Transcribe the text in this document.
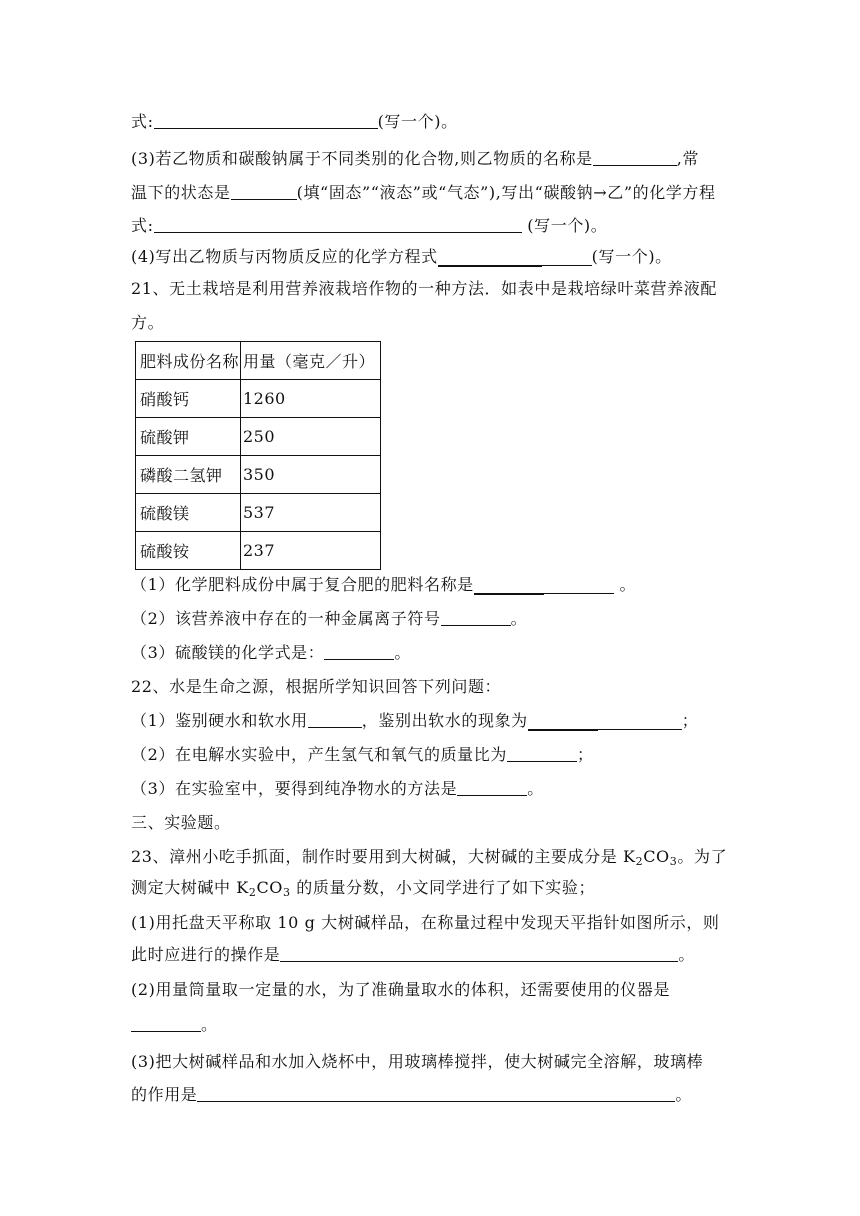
式:	(写一个)。
(3)若乙物质和碳酸钠属于不同类别的化合物,则乙物质的名称是	,常
温下的状态是	(填“固态”“液态”或“气态”),写出“碳酸钠→乙”的化学方程
式:	(写一个)。
(4)写出乙物质与丙物质反应的化学方程式	(写一个)。
21、无土栽培是利用营养液栽培作物的一种方法．如表中是栽培绿叶菜营养液配
方。
肥料成份名称	用量（毫克／升）
硝酸钙	1260
硫酸钾	250
磷酸二氢钾	350
硫酸镁	537
硫酸铵	237
（1）化学肥料成份中属于复合肥的肥料名称是	。
（2）该营养液中存在的一种金属离子符号	。
（3）硫酸镁的化学式是：	。
22、水是生命之源，根据所学知识回答下列问题：
（1）鉴别硬水和软水用	，鉴别出软水的现象为	；
（2）在电解水实验中，产生氢气和氧气的质量比为	；
（3）在实验室中，要得到纯净物水的方法是	。
三、实验题。
23、漳州小吃手抓面，制作时要用到大树碱，大树碱的主要成分是 $K_2CO_3$。为了
测定大树碱中 $K_2CO_3$ 的质量分数，小文同学进行了如下实验；
(1)用托盘天平称取 10 g 大树碱样品，在称量过程中发现天平指针如图所示，则
此时应进行的操作是	。
(2)用量筒量取一定量的水，为了准确量取水的体积，还需要使用的仪器是
。
(3)把大树碱样品和水加入烧杯中，用玻璃棒搅拌，使大树碱完全溶解，玻璃棒
的作用是	。
